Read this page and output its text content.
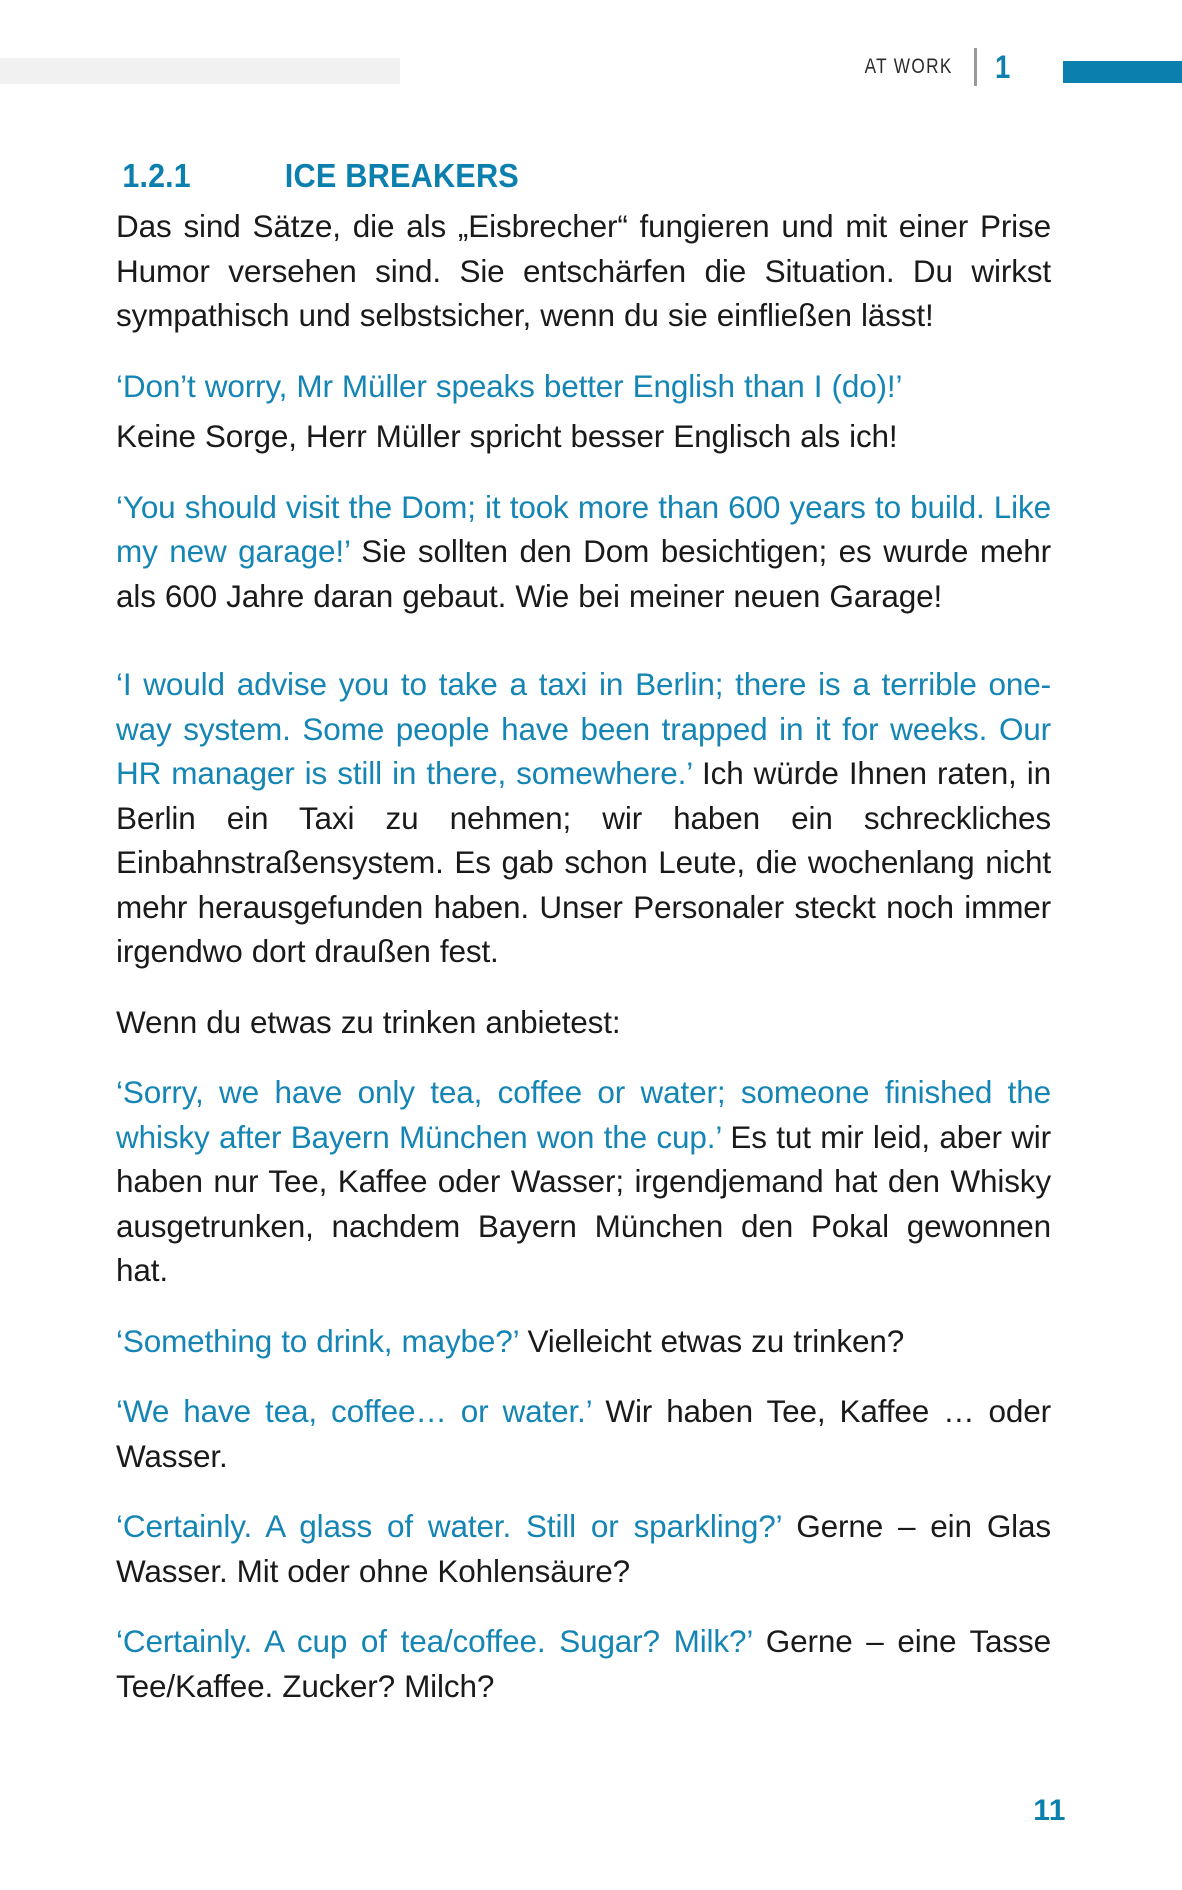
AT WORK 1
1.2.1	ICE BREAKERS

Das sind Sätze, die als „Eisbrecher“ fungieren und mit einer Prise Humor versehen sind. Sie entschärfen die Situation. Du wirkst sympathisch und selbstsicher, wenn du sie einfließen lässt!

‘Don’t worry, Mr Müller speaks better English than I (do)!’

Keine Sorge, Herr Müller spricht besser Englisch als ich!

‘You should visit the Dom; it took more than 600 years to build. Like my new garage!’ Sie sollten den Dom besichtigen; es wurde mehr als 600 Jahre daran gebaut. Wie bei meiner neuen Garage!

‘I would advise you to take a taxi in Berlin; there is a terrible one-way system. Some people have been trapped in it for weeks. Our HR manager is still in there, somewhere.’ Ich würde Ihnen raten, in Berlin ein Taxi zu nehmen; wir haben ein schreckliches Einbahnstraßensystem. Es gab schon Leute, die wochenlang nicht mehr herausgefunden haben. Unser Personaler steckt noch immer irgendwo dort draußen fest.

Wenn du etwas zu trinken anbietest:

‘Sorry, we have only tea, coffee or water; someone finished the whisky after Bayern München won the cup.’ Es tut mir leid, aber wir haben nur Tee, Kaffee oder Wasser; irgendjemand hat den Whisky ausgetrunken, nachdem Bayern München den Pokal gewonnen hat.

‘Something to drink, maybe?’ Vielleicht etwas zu trinken?

‘We have tea, coffee… or water.’ Wir haben Tee, Kaffee … oder Wasser.

‘Certainly. A glass of water. Still or sparkling?’ Gerne – ein Glas Wasser. Mit oder ohne Kohlensäure?

‘Certainly. A cup of tea/coffee. Sugar? Milk?’ Gerne – eine Tasse Tee/Kaffee. Zucker? Milch?

11
